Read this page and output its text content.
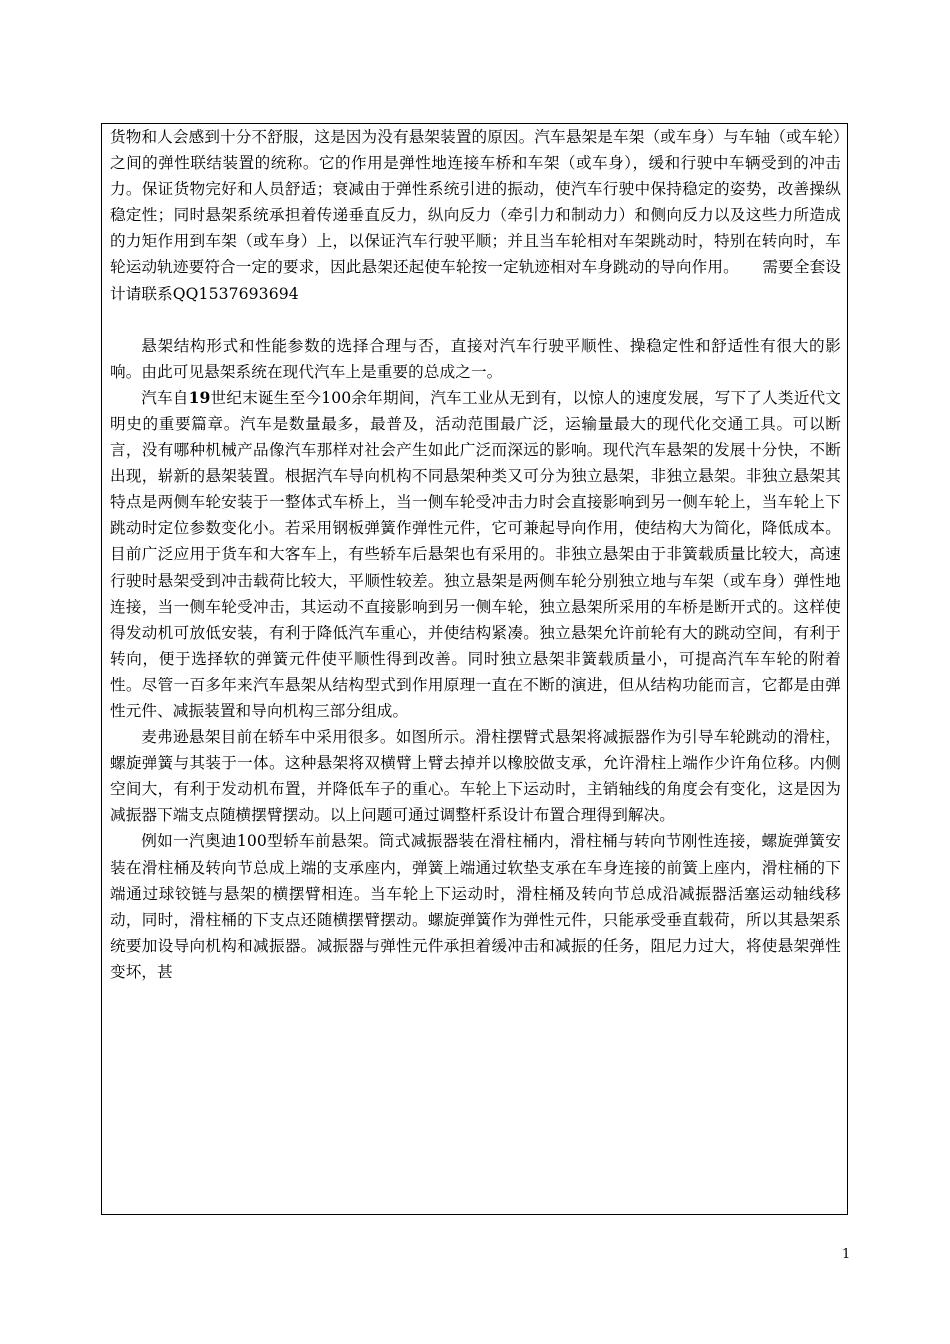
货物和人会感到十分不舒服，这是因为没有悬架装置的原因。汽车悬架是车架（或车身）与车轴（或车轮）之间的弹性联结装置的统称。它的作用是弹性地连接车桥和车架（或车身），缓和行驶中车辆受到的冲击力。保证货物完好和人员舒适；衰减由于弹性系统引进的振动，使汽车行驶中保持稳定的姿势，改善操纵稳定性；同时悬架系统承担着传递垂直反力，纵向反力（牵引力和制动力）和侧向反力以及这些力所造成的力矩作用到车架（或车身）上，以保证汽车行驶平顺；并且当车轮相对车架跳动时，特别在转向时，车轮运动轨迹要符合一定的要求，因此悬架还起使车轮按一定轨迹相对车身跳动的导向作用。　　需要全套设计请联系QQ1537693694

悬架结构形式和性能参数的选择合理与否，直接对汽车行驶平顺性、操稳定性和舒适性有很大的影响。由此可见悬架系统在现代汽车上是重要的总成之一。

汽车自19世纪末诞生至今100余年期间，汽车工业从无到有，以惊人的速度发展，写下了人类近代文明史的重要篇章。汽车是数量最多，最普及，活动范围最广泛，运输量最大的现代化交通工具。可以断言，没有哪种机械产品像汽车那样对社会产生如此广泛而深远的影响。现代汽车悬架的发展十分快，不断出现，崭新的悬架装置。根据汽车导向机构不同悬架种类又可分为独立悬架，非独立悬架。非独立悬架其特点是两侧车轮安装于一整体式车桥上，当一侧车轮受冲击力时会直接影响到另一侧车轮上，当车轮上下跳动时定位参数变化小。若采用钢板弹簧作弹性元件，它可兼起导向作用，使结构大为简化，降低成本。目前广泛应用于货车和大客车上，有些轿车后悬架也有采用的。非独立悬架由于非簧载质量比较大，高速行驶时悬架受到冲击载荷比较大，平顺性较差。独立悬架是两侧车轮分别独立地与车架（或车身）弹性地连接，当一侧车轮受冲击，其运动不直接影响到另一侧车轮，独立悬架所采用的车桥是断开式的。这样使得发动机可放低安装，有利于降低汽车重心，并使结构紧凑。独立悬架允许前轮有大的跳动空间，有利于转向，便于选择软的弹簧元件使平顺性得到改善。同时独立悬架非簧载质量小，可提高汽车车轮的附着性。尽管一百多年来汽车悬架从结构型式到作用原理一直在不断的演进，但从结构功能而言，它都是由弹性元件、减振装置和导向机构三部分组成。

麦弗逊悬架目前在轿车中采用很多。如图所示。滑柱摆臂式悬架将减振器作为引导车轮跳动的滑柱，螺旋弹簧与其装于一体。这种悬架将双横臂上臂去掉并以橡胶做支承，允许滑柱上端作少许角位移。内侧空间大，有利于发动机布置，并降低车子的重心。车轮上下运动时，主销轴线的角度会有变化，这是因为减振器下端支点随横摆臂摆动。以上问题可通过调整杆系设计布置合理得到解决。

例如一汽奥迪100型轿车前悬架。筒式减振器装在滑柱桶内，滑柱桶与转向节刚性连接，螺旋弹簧安装在滑柱桶及转向节总成上端的支承座内，弹簧上端通过软垫支承在车身连接的前簧上座内，滑柱桶的下端通过球铰链与悬架的横摆臂相连。当车轮上下运动时，滑柱桶及转向节总成沿减振器活塞运动轴线移动，同时，滑柱桶的下支点还随横摆臂摆动。螺旋弹簧作为弹性元件，只能承受垂直载荷，所以其悬架系统要加设导向机构和减振器。减振器与弹性元件承担着缓冲击和减振的任务，阻尼力过大，将使悬架弹性变坏，甚

1
